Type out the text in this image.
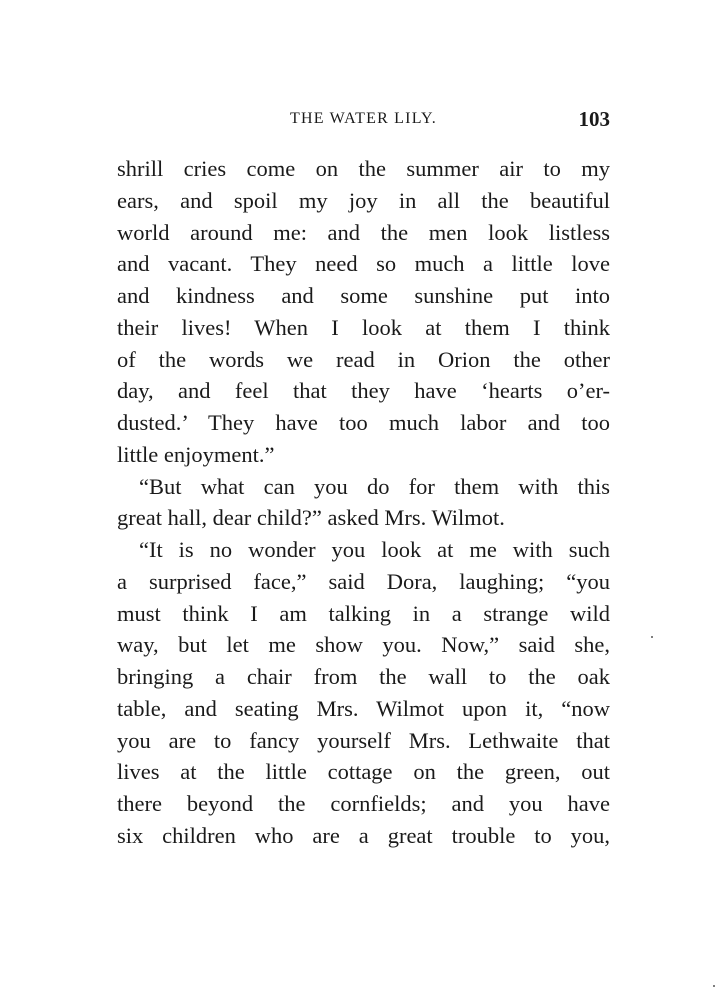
THE WATER LILY.	103
shrill cries come on the summer air to my
ears, and spoil my joy in all the beautiful
world around me: and the men look listless
and vacant. They need so much a little love
and kindness and some sunshine put into
their lives! When I look at them I think
of the words we read in Orion the other
day, and feel that they have ‘hearts o’er-
dusted.’ They have too much labor and too
little enjoyment.”
“But what can you do for them with this
great hall, dear child?” asked Mrs. Wilmot.
“It is no wonder you look at me with such
a surprised face,” said Dora, laughing; “you
must think I am talking in a strange wild
way, but let me show you. Now,” said she,
bringing a chair from the wall to the oak
table, and seating Mrs. Wilmot upon it, “now
you are to fancy yourself Mrs. Lethwaite that
lives at the little cottage on the green, out
there beyond the cornfields; and you have
six children who are a great trouble to you,
